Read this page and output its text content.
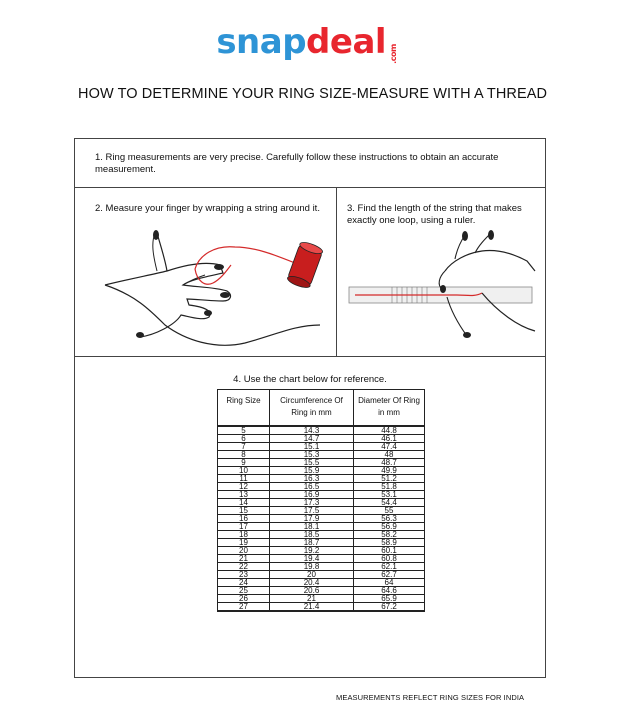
snapdeal .com
HOW TO DETERMINE YOUR RING SIZE-MEASURE WITH A THREAD
1. Ring measurements are very precise. Carefully follow these instructions to obtain an accurate measurement.
2. Measure your finger by wrapping a string around it.	3. Find the length of the string that makes exactly one loop, using a ruler.
4. Use the chart below for reference.
Ring Size	Circumference Of Ring in mm	Diameter Of Ring in mm
5	14.3	44.8
6	14.7	46.1
7	15.1	47.4
8	15.3	48
9	15.5	48.7
10	15.9	49.9
11	16.3	51.2
12	16.5	51.8
13	16.9	53.1
14	17.3	54.4
15	17.5	55
16	17.9	56.3
17	18.1	56.9
18	18.5	58.2
19	18.7	58.9
20	19.2	60.1
21	19.4	60.8
22	19.8	62.1
23	20	62.7
24	20.4	64
25	20.6	64.6
26	21	65.9
27	21.4	67.2
MEASUREMENTS REFLECT RING SIZES FOR INDIA
